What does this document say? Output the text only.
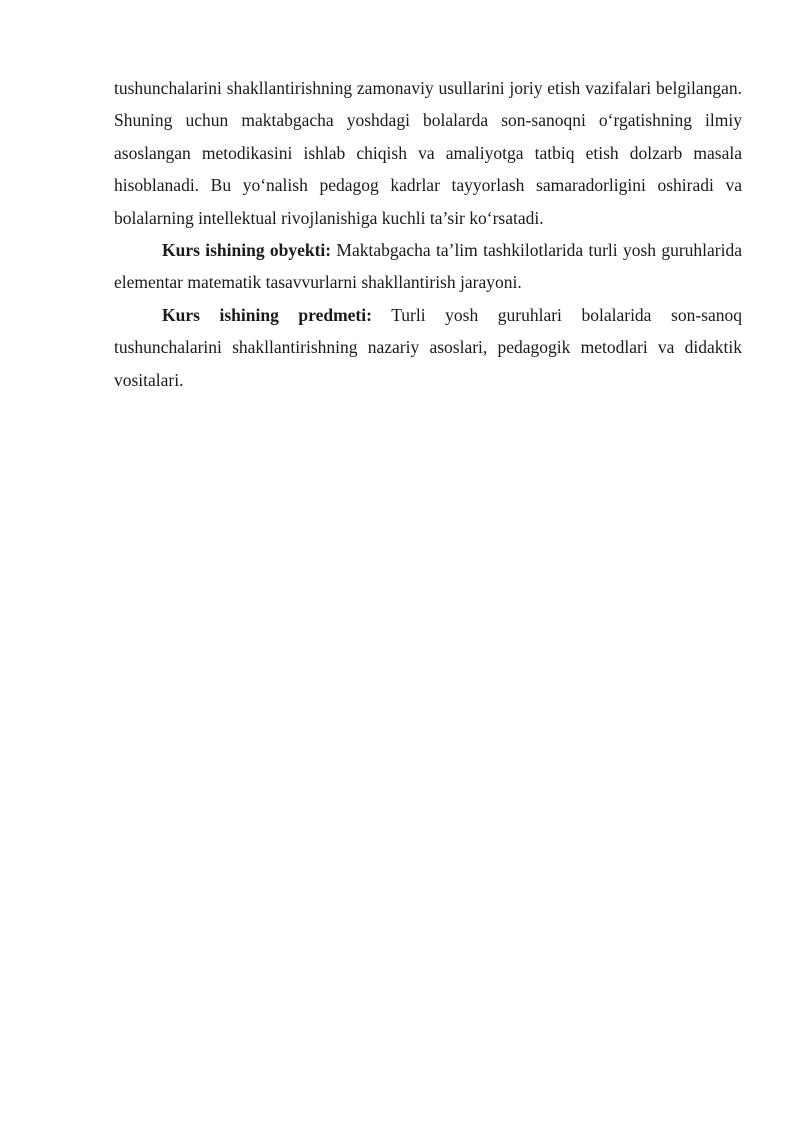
tushunchalarini shakllantirishning zamonaviy usullarini joriy etish vazifalari belgilangan. Shuning uchun maktabgacha yoshdagi bolalarda son-sanoqni o‘rgatishning ilmiy asoslangan metodikasini ishlab chiqish va amaliyotga tatbiq etish dolzarb masala hisoblanadi. Bu yo‘nalish pedagog kadrlar tayyorlash samaradorligini oshiradi va bolalarning intellektual rivojlanishiga kuchli ta’sir ko‘rsatadi.

Kurs ishining obyekti: Maktabgacha ta’lim tashkilotlarida turli yosh guruhlarida elementar matematik tasavvurlarni shakllantirish jarayoni.

Kurs ishining predmeti: Turli yosh guruhlari bolalarida son-sanoq tushunchalarini shakllantirishning nazariy asoslari, pedagogik metodlari va didaktik vositalari.
